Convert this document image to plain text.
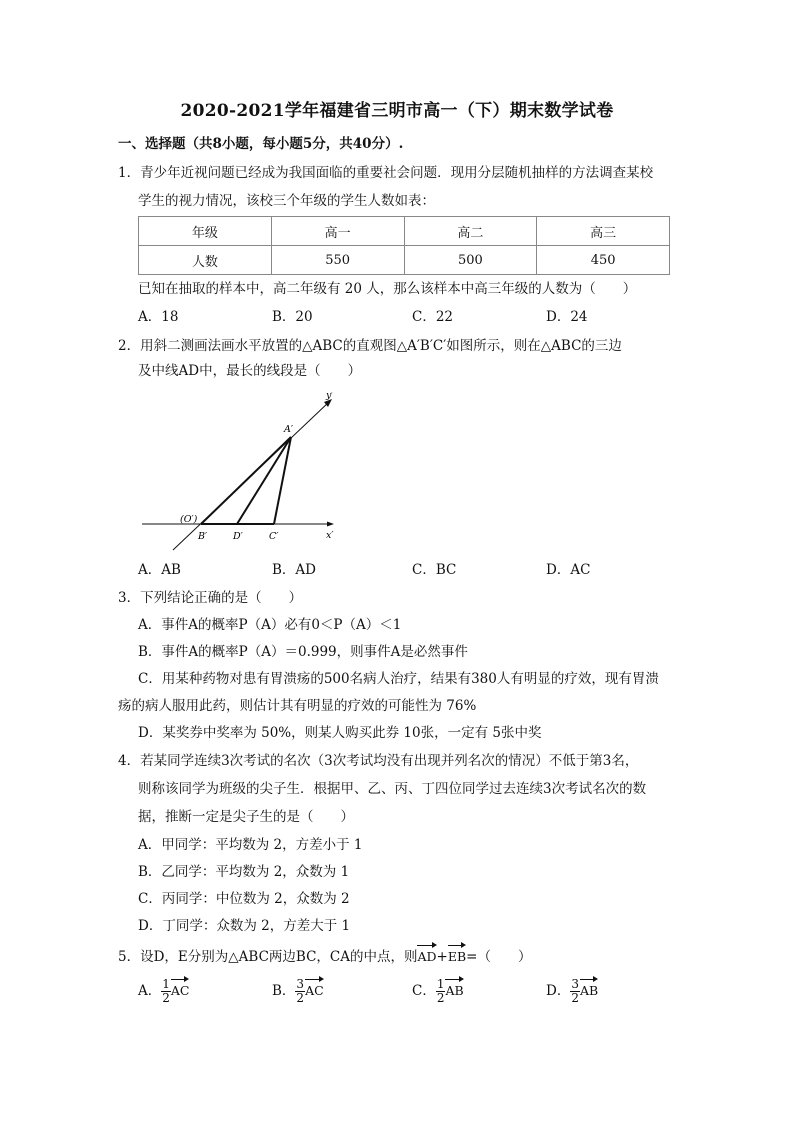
2020-2021学年福建省三明市高一（下）期末数学试卷
一、选择题（共8小题，每小题5分，共40分）.
1．青少年近视问题已经成为我国面临的重要社会问题．现用分层随机抽样的方法调查某校
学生的视力情况，该校三个年级的学生人数如表：
年级	高一	高二	高三
人数	550	500	450
已知在抽取的样本中，高二年级有 20 人，那么该样本中高三年级的人数为（　　）
A．18	B．20	C．22	D．24
2．用斜二测画法画水平放置的△ABC的直观图△A′B′C′如图所示，则在△ABC的三边
及中线AD中，最长的线段是（　　）
y′
x′
(O′)
A′
B′	D′	C′
A．AB	B．AD	C．BC	D．AC
3．下列结论正确的是（　　）
A．事件A的概率P（A）必有0＜P（A）＜1
B．事件A的概率P（A）＝0.999，则事件A是必然事件
C．用某种药物对患有胃溃疡的500名病人治疗，结果有380人有明显的疗效，现有胃溃
疡的病人服用此药，则估计其有明显的疗效的可能性为 76%
D．某奖券中奖率为 50%，则某人购买此券 10张，一定有 5张中奖
4．若某同学连续3次考试的名次（3次考试均没有出现并列名次的情况）不低于第3名，
则称该同学为班级的尖子生．根据甲、乙、丙、丁四位同学过去连续3次考试名次的数
据，推断一定是尖子生的是（　　）
A．甲同学：平均数为 2，方差小于 1
B．乙同学：平均数为 2，众数为 1
C．丙同学：中位数为 2，众数为 2
D．丁同学：众数为 2，方差大于 1
5．设D，E分别为△ABC两边BC，CA的中点，则AD+EB=（　　）
A． $\frac{1}{2}$ AC	B． $\frac{3}{2}$ AC	C． $\frac{1}{2}$ AB	D． $\frac{3}{2}$ AB
